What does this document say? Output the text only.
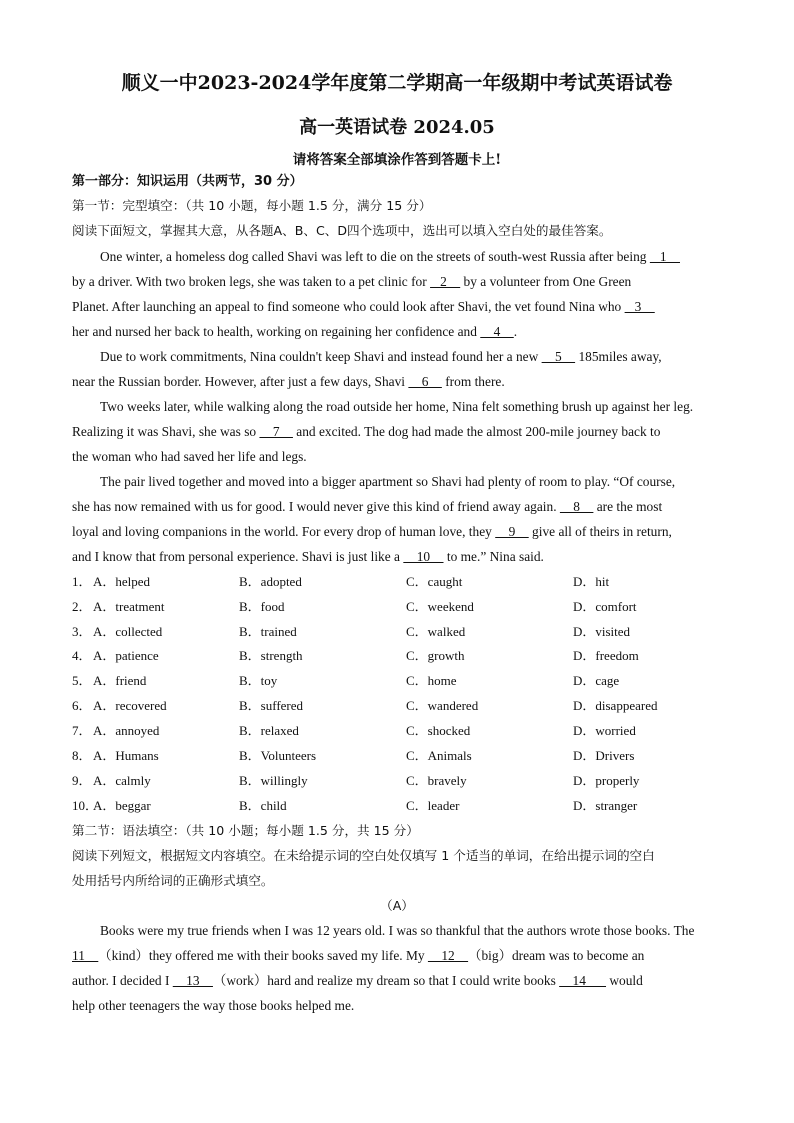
顺义一中2023-2024学年度第二学期高一年级期中考试英语试卷
高一英语试卷 2024.05
请将答案全部填涂作答到答题卡上!
第一部分：知识运用（共两节，30 分）
第一节：完型填空：（共 10 小题，每小题 1.5 分，满分 15 分）
阅读下面短文，掌握其大意，从各题A、B、C、D四个选项中，选出可以填入空白处的最佳答案。
One winter, a homeless dog called Shavi was left to die on the streets of south-west Russia after being    1
by a driver. With two broken legs, she was taken to a pet clinic for    2     by a volunteer from One Green
Planet. After launching an appeal to find someone who could look after Shavi, the vet found Nina who    3
her and nursed her back to health, working on regaining her confidence and     4    .
Due to work commitments, Nina couldn't keep Shavi and instead found her a new     5     185miles away,
near the Russian border. However, after just a few days, Shavi     6     from there.
Two weeks later, while walking along the road outside her home, Nina felt something brush up against her leg.
Realizing it was Shavi, she was so     7     and excited. The dog had made the almost 200-mile journey back to
the woman who had saved her life and legs.
The pair lived together and moved into a bigger apartment so Shavi had plenty of room to play. “Of course,
she has now remained with us for good. I would never give this kind of friend away again.     8     are the most
loyal and loving companions in the world. For every drop of human love, they     9     give all of theirs in return,
and I know that from personal experience. Shavi is just like a     10     to me.” Nina said.
1． A．helped	B．adopted	C．caught	D．hit
2． A．treatment	B．food	C．weekend	D．comfort
3． A．collected	B．trained	C．walked	D．visited
4． A．patience	B．strength	C．growth	D．freedom
5． A．friend	B．toy	C．home	D．cage
6． A．recovered	B．suffered	C．wandered	D．disappeared
7． A．annoyed	B．relaxed	C．shocked	D．worried
8． A．Humans	B．Volunteers	C．Animals	D．Drivers
9． A．calmly	B．willingly	C．bravely	D．properly
10．
A．beggar	B．child	C．leader	D．stranger
第二节：语法填空：（共 10 小题；每小题 1.5 分，共 15 分）
阅读下列短文，根据短文内容填空。在未给提示词的空白处仅填写 1 个适当的单词，在给出提示词的空白
处用括号内所给词的正确形式填空。
（A）
Books were my true friends when I was 12 years old. I was so thankful that the authors wrote those books. The
11    （kind）they offered me with their books saved my life. My     12    （big）dream was to become an
author. I decided I     13    （work）hard and realize my dream so that I could write books     14       would
help other teenagers the way those books helped me.
